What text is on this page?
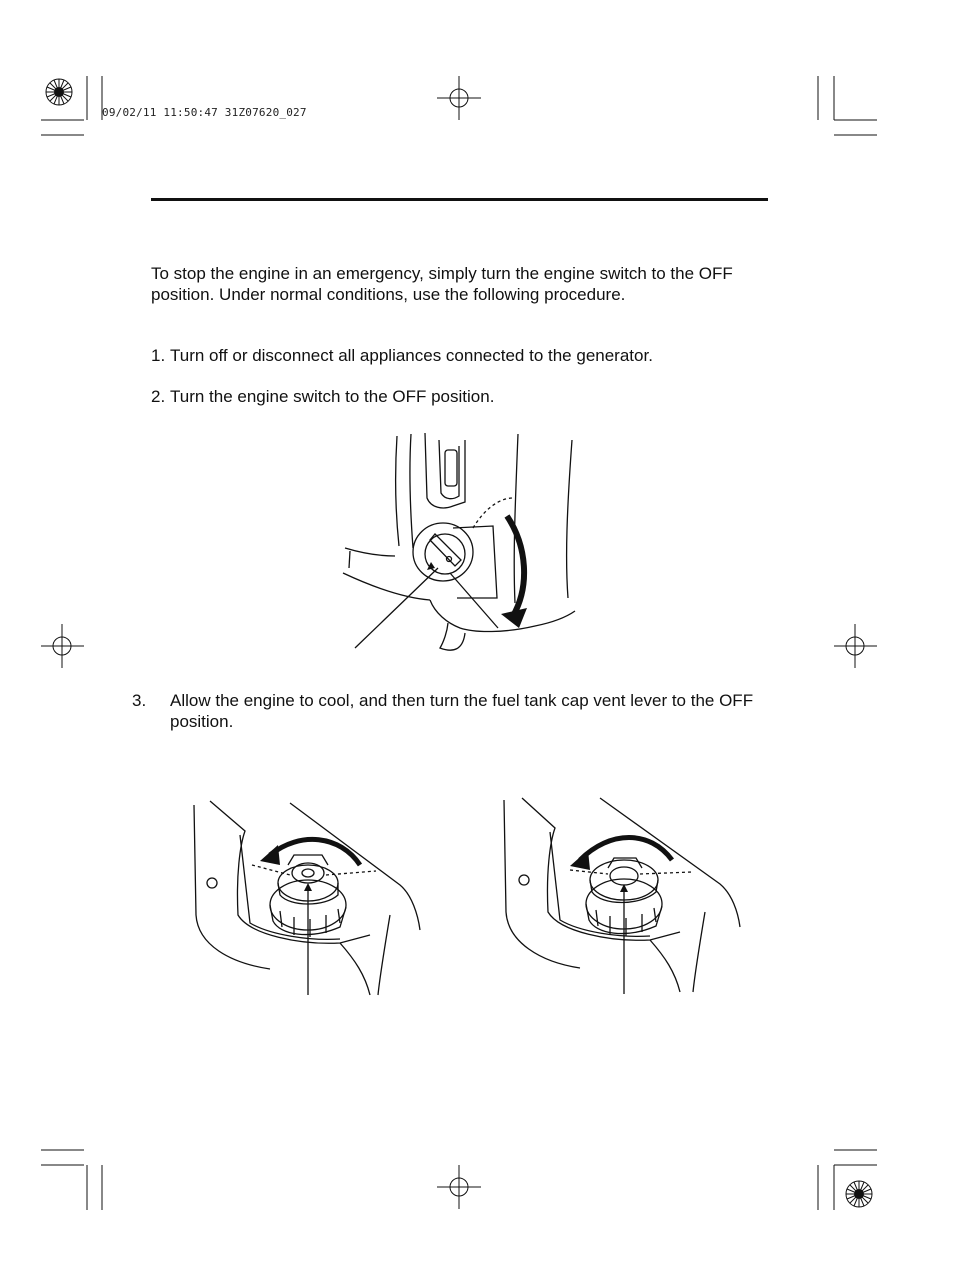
09/02/11 11:50:47 31Z07620_027

To stop the engine in an emergency, simply turn the engine switch to the OFF position. Under normal conditions, use the following procedure.

1. Turn off or disconnect all appliances connected to the generator.

2. Turn the engine switch to the OFF position.

3. Allow the engine to cool, and then turn the fuel tank cap vent lever to the OFF position.
